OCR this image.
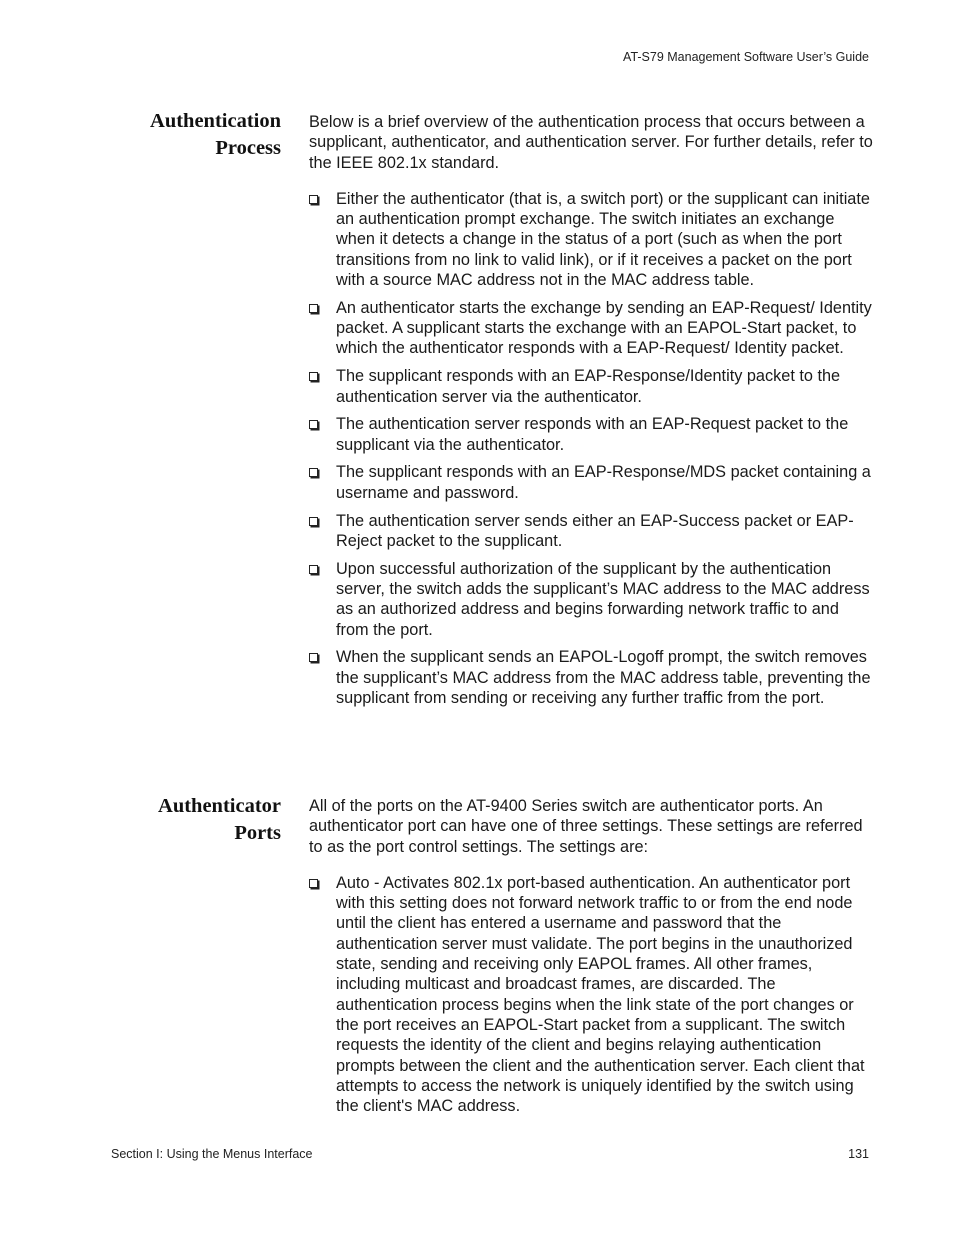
AT-S79 Management Software User’s Guide
Authentication
Process

Below is a brief overview of the authentication process that occurs between a supplicant, authenticator, and authentication server. For further details, refer to the IEEE 802.1x standard.

Either the authenticator (that is, a switch port) or the supplicant can initiate an authentication prompt exchange. The switch initiates an exchange when it detects a change in the status of a port (such as when the port transitions from no link to valid link), or if it receives a packet on the port with a source MAC address not in the MAC address table.
An authenticator starts the exchange by sending an EAP-Request/ Identity packet. A supplicant starts the exchange with an EAPOL-Start packet, to which the authenticator responds with a EAP-Request/ Identity packet.
The supplicant responds with an EAP-Response/Identity packet to the authentication server via the authenticator.
The authentication server responds with an EAP-Request packet to the supplicant via the authenticator.
The supplicant responds with an EAP-Response/MDS packet containing a username and password.
The authentication server sends either an EAP-Success packet or EAP-Reject packet to the supplicant.
Upon successful authorization of the supplicant by the authentication server, the switch adds the supplicant’s MAC address to the MAC address as an authorized address and begins forwarding network traffic to and from the port.
When the supplicant sends an EAPOL-Logoff prompt, the switch removes the supplicant’s MAC address from the MAC address table, preventing the supplicant from sending or receiving any further traffic from the port.
Authenticator
Ports

All of the ports on the AT-9400 Series switch are authenticator ports. An authenticator port can have one of three settings. These settings are referred to as the port control settings. The settings are:

Auto - Activates 802.1x port-based authentication. An authenticator port with this setting does not forward network traffic to or from the end node until the client has entered a username and password that the authentication server must validate. The port begins in the unauthorized state, sending and receiving only EAPOL frames. All other frames, including multicast and broadcast frames, are discarded. The authentication process begins when the link state of the port changes or the port receives an EAPOL-Start packet from a supplicant. The switch requests the identity of the client and begins relaying authentication prompts between the client and the authentication server. Each client that attempts to access the network is uniquely identified by the switch using the client's MAC address.
Section I: Using the Menus Interface	131
